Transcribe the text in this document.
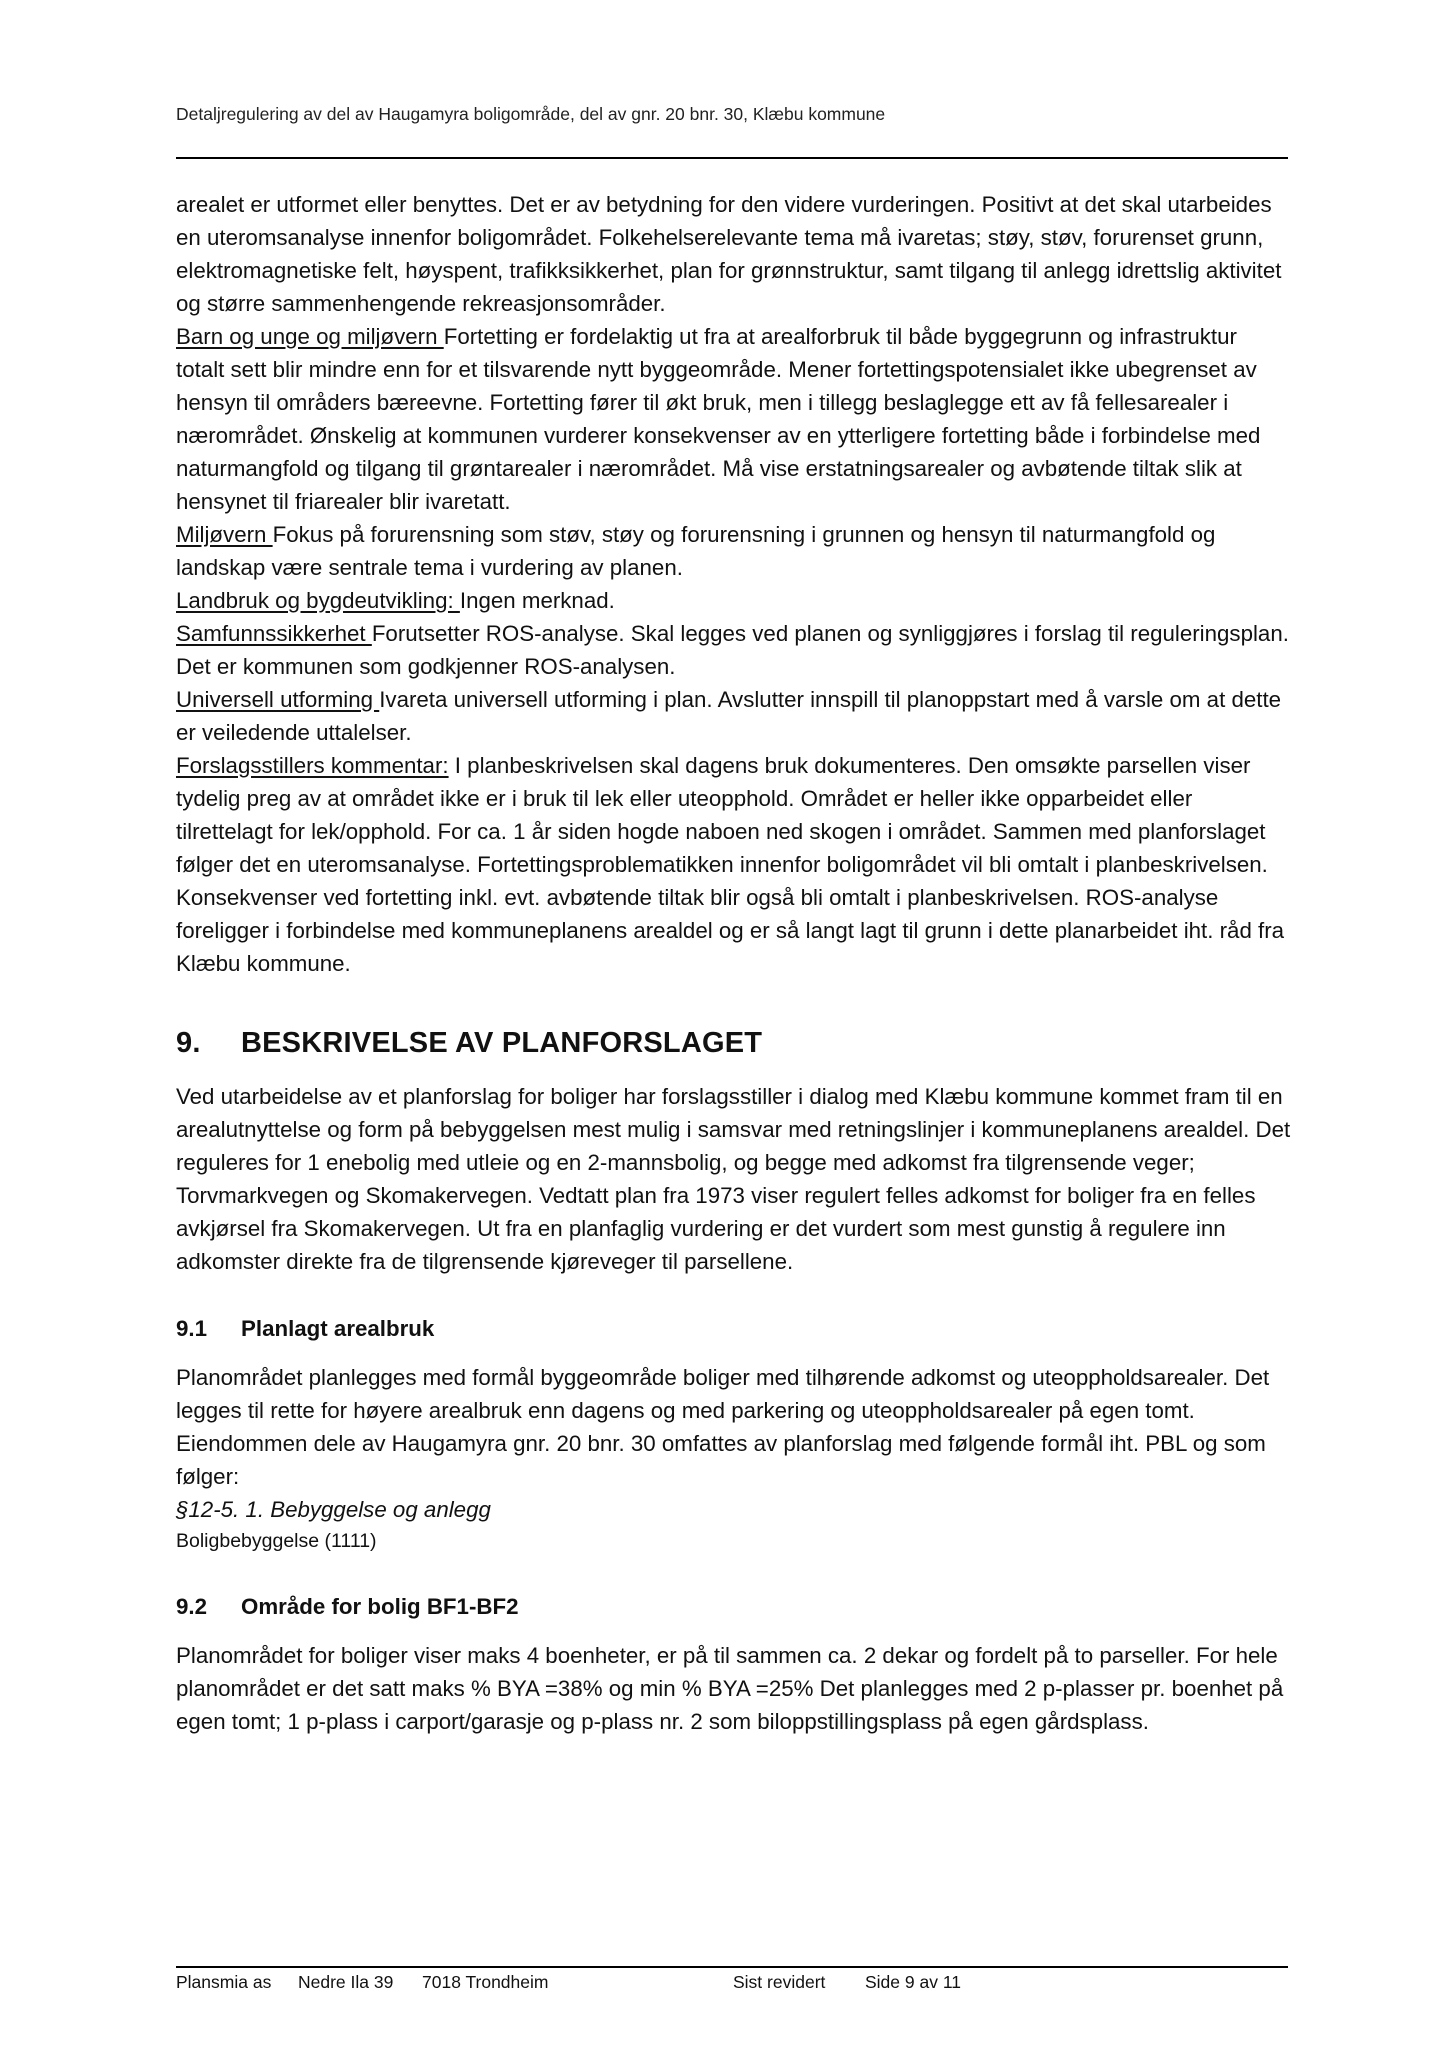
Detaljregulering av del av Haugamyra boligområde, del av gnr. 20 bnr. 30, Klæbu kommune

arealet er utformet eller benyttes. Det er av betydning for den videre vurderingen. Positivt at det skal utarbeides en uteromsanalyse innenfor boligområdet. Folkehelserelevante tema må ivaretas; støy, støv, forurenset grunn, elektromagnetiske felt, høyspent, trafikksikkerhet, plan for grønnstruktur, samt tilgang til anlegg idrettslig aktivitet og større sammenhengende rekreasjonsområder.

Barn og unge og miljøvern Fortetting er fordelaktig ut fra at arealforbruk til både byggegrunn og infrastruktur totalt sett blir mindre enn for et tilsvarende nytt byggeområde. Mener fortettingspotensialet ikke ubegrenset av hensyn til områders bæreevne. Fortetting fører til økt bruk, men i tillegg beslaglegge ett av få fellesarealer i nærområdet. Ønskelig at kommunen vurderer konsekvenser av en ytterligere fortetting både i forbindelse med naturmangfold og tilgang til grøntarealer i nærområdet. Må vise erstatningsarealer og avbøtende tiltak slik at hensynet til friarealer blir ivaretatt.

Miljøvern Fokus på forurensning som støv, støy og forurensning i grunnen og hensyn til naturmangfold og landskap være sentrale tema i vurdering av planen.

Landbruk og bygdeutvikling: Ingen merknad.

Samfunnssikkerhet Forutsetter ROS-analyse. Skal legges ved planen og synliggjøres i forslag til reguleringsplan. Det er kommunen som godkjenner ROS-analysen.

Universell utforming Ivareta universell utforming i plan. Avslutter innspill til planoppstart med å varsle om at dette er veiledende uttalelser.

Forslagsstillers kommentar: I planbeskrivelsen skal dagens bruk dokumenteres. Den omsøkte parsellen viser tydelig preg av at området ikke er i bruk til lek eller uteopphold. Området er heller ikke opparbeidet eller tilrettelagt for lek/opphold. For ca. 1 år siden hogde naboen ned skogen i området. Sammen med planforslaget følger det en uteromsanalyse. Fortettingsproblematikken innenfor boligområdet vil bli omtalt i planbeskrivelsen. Konsekvenser ved fortetting inkl. evt. avbøtende tiltak blir også bli omtalt i planbeskrivelsen. ROS-analyse foreligger i forbindelse med kommuneplanens arealdel og er så langt lagt til grunn i dette planarbeidet iht. råd fra Klæbu kommune.

9. BESKRIVELSE AV PLANFORSLAGET

Ved utarbeidelse av et planforslag for boliger har forslagsstiller i dialog med Klæbu kommune kommet fram til en arealutnyttelse og form på bebyggelsen mest mulig i samsvar med retningslinjer i kommuneplanens arealdel. Det reguleres for 1 enebolig med utleie og en 2-mannsbolig, og begge med adkomst fra tilgrensende veger; Torvmarkvegen og Skomakervegen. Vedtatt plan fra 1973 viser regulert felles adkomst for boliger fra en felles avkjørsel fra Skomakervegen. Ut fra en planfaglig vurdering er det vurdert som mest gunstig å regulere inn adkomster direkte fra de tilgrensende kjøreveger til parsellene.

9.1 Planlagt arealbruk

Planområdet planlegges med formål byggeområde boliger med tilhørende adkomst og uteoppholdsarealer. Det legges til rette for høyere arealbruk enn dagens og med parkering og uteoppholdsarealer på egen tomt. Eiendommen dele av Haugamyra gnr. 20 bnr. 30 omfattes av planforslag med følgende formål iht. PBL og som følger:

§12-5. 1. Bebyggelse og anlegg

Boligbebyggelse (1111)

9.2 Område for bolig BF1-BF2

Planområdet for boliger viser maks 4 boenheter, er på til sammen ca. 2 dekar og fordelt på to parseller. For hele planområdet er det satt maks % BYA =38% og min % BYA =25% Det planlegges med 2 p-plasser pr. boenhet på egen tomt; 1 p-plass i carport/garasje og p-plass nr. 2 som biloppstillingsplass på egen gårdsplass.

Plansmia as Nedre Ila 39 7018 Trondheim	Sist revidert Side 9 av 11
